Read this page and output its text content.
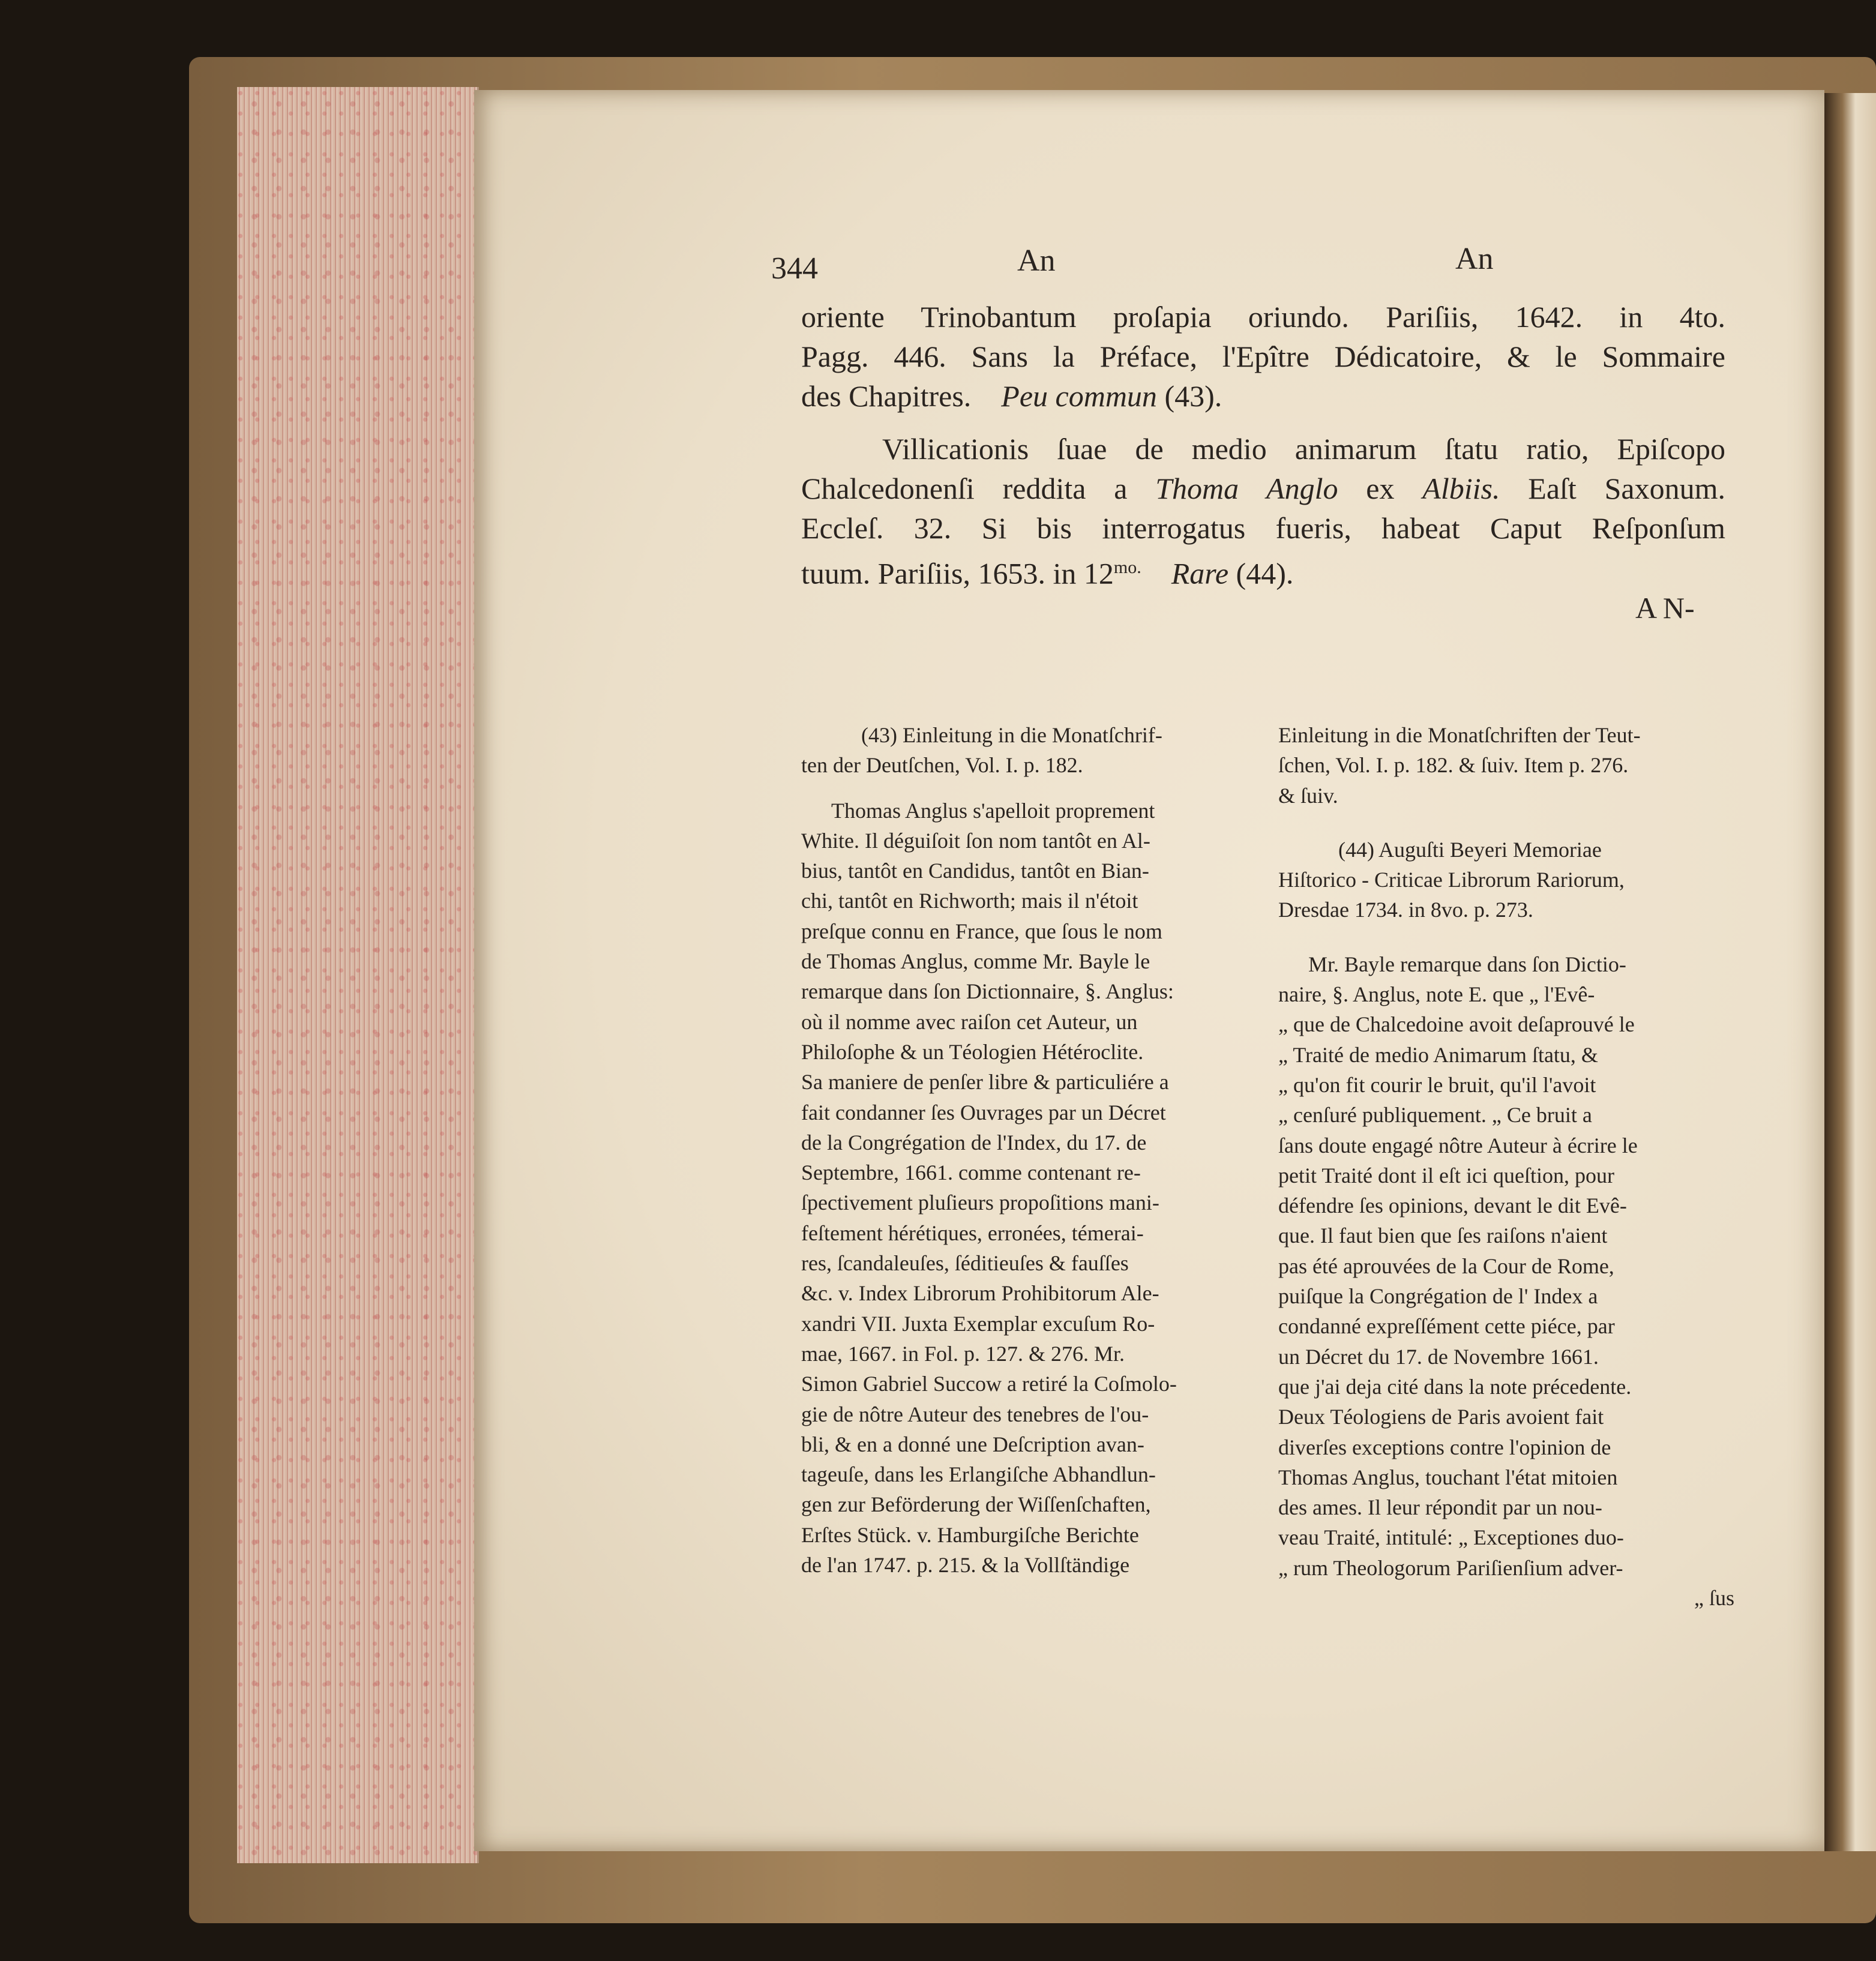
344	An	An
oriente Trinobantum proſapia oriundo. Pariſiis, 1642. in 4to.
Pagg. 446. Sans la Préface, l'Epître Dédicatoire, & le Sommaire
des Chapitres. Peu commun (43).
Villicationis ſuae de medio animarum ſtatu ratio, Epiſcopo
Chalcedonenſi reddita a Thoma Anglo ex Albiis. Eaſt Saxonum.
Eccleſ. 32. Si bis interrogatus fueris, habeat Caput Reſponſum
tuum. Pariſiis, 1653. in $12^{mo.}$ Rare (44).
A N-
(43) Einleitung in die Monatſchrif-
ten der Deutſchen, Vol. I. p. 182.
Thomas Anglus s'apelloit proprement
White. Il déguiſoit ſon nom tantôt en Al-
bius, tantôt en Candidus, tantôt en Bian-
chi, tantôt en Richworth; mais il n'étoit
preſque connu en France, que ſous le nom
de Thomas Anglus, comme Mr. Bayle le
remarque dans ſon Dictionnaire, §. Anglus:
où il nomme avec raiſon cet Auteur, un
Philoſophe & un Téologien Hétéroclite.
Sa maniere de penſer libre & particuliére a
fait condanner ſes Ouvrages par un Décret
de la Congrégation de l'Index, du 17. de
Septembre, 1661. comme contenant re-
ſpectivement pluſieurs propoſitions mani-
feſtement hérétiques, erronées, témerai-
res, ſcandaleuſes, ſéditieuſes & fauſſes
&c. v. Index Librorum Prohibitorum Ale-
xandri VII. Juxta Exemplar excuſum Ro-
mae, 1667. in Fol. p. 127. & 276. Mr.
Simon Gabriel Succow a retiré la Coſmolo-
gie de nôtre Auteur des tenebres de l'ou-
bli, & en a donné une Deſcription avan-
tageuſe, dans les Erlangiſche Abhandlun-
gen zur Beförderung der Wiſſenſchaften,
Erſtes Stück. v. Hamburgiſche Berichte
de l'an 1747. p. 215. & la Vollſtändige
Einleitung in die Monatſchriften der Teut-
ſchen, Vol. I. p. 182. & ſuiv. Item p. 276.
& ſuiv.
(44) Auguſti Beyeri Memoriae
Hiſtorico - Criticae Librorum Rariorum,
Dresdae 1734. in 8vo. p. 273.
Mr. Bayle remarque dans ſon Dictio-
naire, §. Anglus, note E. que „ l'Evê-
„ que de Chalcedoine avoit deſaprouvé le
„ Traité de medio Animarum ſtatu, &
„ qu'on fit courir le bruit, qu'il l'avoit
„ cenſuré publiquement. „ Ce bruit a
ſans doute engagé nôtre Auteur à écrire le
petit Traité dont il eſt ici queſtion, pour
défendre ſes opinions, devant le dit Evê-
que. Il faut bien que ſes raiſons n'aient
pas été aprouvées de la Cour de Rome,
puiſque la Congrégation de l' Index a
condanné expreſſément cette piéce, par
un Décret du 17. de Novembre 1661.
que j'ai deja cité dans la note précedente.
Deux Téologiens de Paris avoient fait
diverſes exceptions contre l'opinion de
Thomas Anglus, touchant l'état mitoien
des ames. Il leur répondit par un nou-
veau Traité, intitulé: „ Exceptiones duo-
„ rum Theologorum Pariſienſium adver-
„ ſus
